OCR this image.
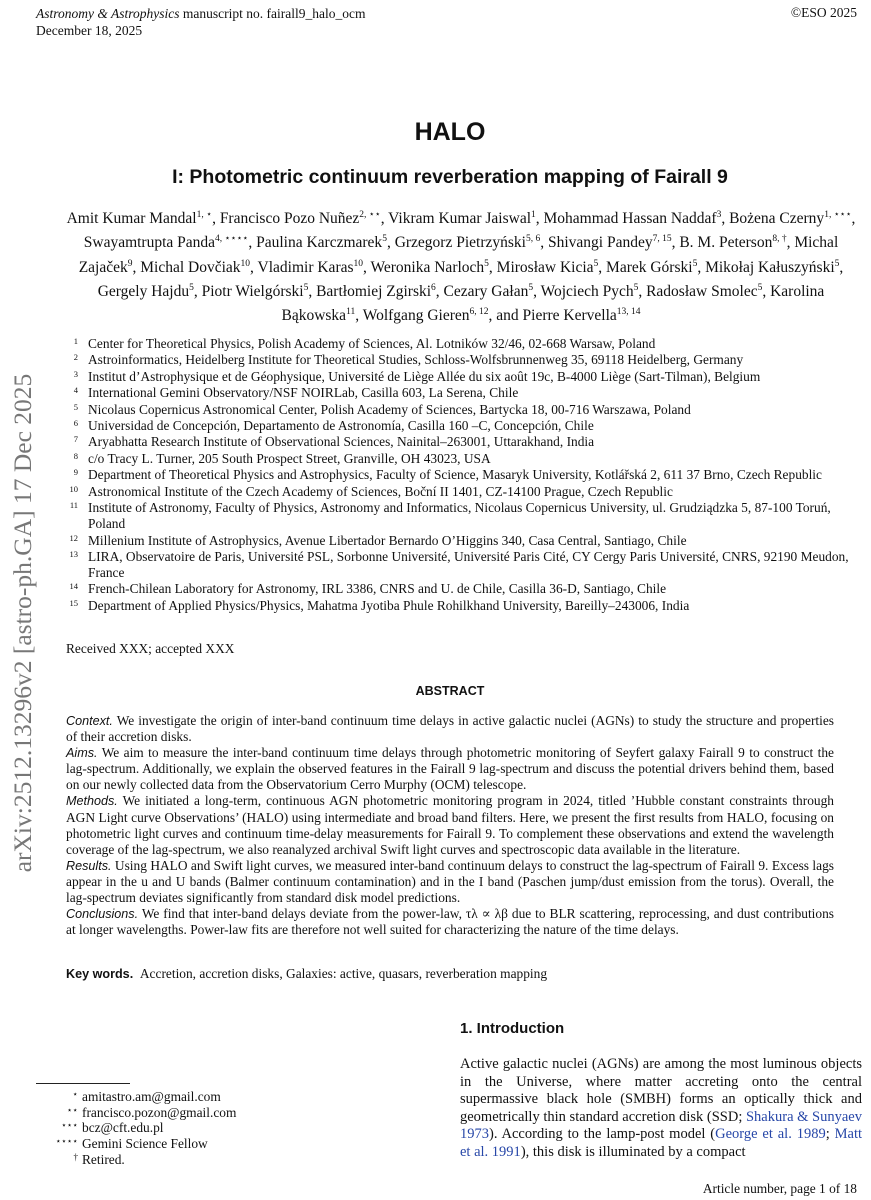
Astronomy & Astrophysics manuscript no. fairall9_halo_ocm
December 18, 2025
©ESO 2025
arXiv:2512.13296v2 [astro-ph.GA] 17 Dec 2025
HALO
I: Photometric continuum reverberation mapping of Fairall 9
Amit Kumar Mandal$^{1, ⋆}$, Francisco Pozo Nuñez$^{2, ⋆⋆}$, Vikram Kumar Jaiswal$^1$, Mohammad Hassan Naddaf$^3$, Bożena Czerny$^{1, ⋆⋆⋆}$, Swayamtrupta Panda$^{4, ⋆⋆⋆⋆}$, Paulina Karczmarek$^5$, Grzegorz Pietrzyński$^{5, 6}$, Shivangi Pandey$^{7, 15}$, B. M. Peterson$^{8, \dagger}$, Michal Zajaček$^9$, Michal Dovčiak$^{10}$, Vladimir Karas$^{10}$, Weronika Narloch$^5$, Mirosław Kicia$^5$, Marek Górski$^5$, Mikołaj Kałuszyński$^5$, Gergely Hajdu$^5$, Piotr Wielgórski$^5$, Bartłomiej Zgirski$^6$, Cezary Gałan$^5$, Wojciech Pych$^5$, Radosław Smolec$^5$, Karolina Bąkowska$^{11}$, Wolfgang Gieren$^{6, 12}$, and Pierre Kervella$^{13, 14}$
1 Center for Theoretical Physics, Polish Academy of Sciences, Al. Lotników 32/46, 02-668 Warsaw, Poland
2 Astroinformatics, Heidelberg Institute for Theoretical Studies, Schloss-Wolfsbrunnenweg 35, 69118 Heidelberg, Germany
3 Institut d’Astrophysique et de Géophysique, Université de Liège Allée du six août 19c, B-4000 Liège (Sart-Tilman), Belgium
4 International Gemini Observatory/NSF NOIRLab, Casilla 603, La Serena, Chile
5 Nicolaus Copernicus Astronomical Center, Polish Academy of Sciences, Bartycka 18, 00-716 Warszawa, Poland
6 Universidad de Concepción, Departamento de Astronomía, Casilla 160 –C, Concepción, Chile
7 Aryabhatta Research Institute of Observational Sciences, Nainital–263001, Uttarakhand, India
8 c/o Tracy L. Turner, 205 South Prospect Street, Granville, OH 43023, USA
9 Department of Theoretical Physics and Astrophysics, Faculty of Science, Masaryk University, Kotlářská 2, 611 37 Brno, Czech Republic
10 Astronomical Institute of the Czech Academy of Sciences, Boční II 1401, CZ-14100 Prague, Czech Republic
11 Institute of Astronomy, Faculty of Physics, Astronomy and Informatics, Nicolaus Copernicus University, ul. Grudziądzka 5, 87-100 Toruń, Poland
12 Millenium Institute of Astrophysics, Avenue Libertador Bernardo O’Higgins 340, Casa Central, Santiago, Chile
13 LIRA, Observatoire de Paris, Université PSL, Sorbonne Université, Université Paris Cité, CY Cergy Paris Université, CNRS, 92190 Meudon, France
14 French-Chilean Laboratory for Astronomy, IRL 3386, CNRS and U. de Chile, Casilla 36-D, Santiago, Chile
15 Department of Applied Physics/Physics, Mahatma Jyotiba Phule Rohilkhand University, Bareilly–243006, India
Received XXX; accepted XXX
ABSTRACT

Context. We investigate the origin of inter-band continuum time delays in active galactic nuclei (AGNs) to study the structure and properties of their accretion disks.

Aims. We aim to measure the inter-band continuum time delays through photometric monitoring of Seyfert galaxy Fairall 9 to construct the lag-spectrum. Additionally, we explain the observed features in the Fairall 9 lag-spectrum and discuss the potential drivers behind them, based on our newly collected data from the Observatorium Cerro Murphy (OCM) telescope.

Methods. We initiated a long-term, continuous AGN photometric monitoring program in 2024, titled ’Hubble constant constraints through AGN Light curve Observations’ (HALO) using intermediate and broad band filters. Here, we present the first results from HALO, focusing on photometric light curves and continuum time-delay measurements for Fairall 9. To complement these observations and extend the wavelength coverage of the lag-spectrum, we also reanalyzed archival Swift light curves and spectroscopic data available in the literature.

Results. Using HALO and Swift light curves, we measured inter-band continuum delays to construct the lag-spectrum of Fairall 9. Excess lags appear in the u and U bands (Balmer continuum contamination) and in the I band (Paschen jump/dust emission from the torus). Overall, the lag-spectrum deviates significantly from standard disk model predictions.

Conclusions. We find that inter-band delays deviate from the power-law, τλ ∝ λβ due to BLR scattering, reprocessing, and dust contributions at longer wavelengths. Power-law fits are therefore not well suited for characterizing the nature of the time delays.

Key words. Accretion, accretion disks, Galaxies: active, quasars, reverberation mapping
1. Introduction
Active galactic nuclei (AGNs) are among the most luminous objects in the Universe, where matter accreting onto the central supermassive black hole (SMBH) forms an optically thick and geometrically thin standard accretion disk (SSD; Shakura & Sunyaev 1973). According to the lamp-post model (George et al. 1989; Matt et al. 1991), this disk is illuminated by a compact
⋆ amitastro.am@gmail.com
⋆⋆ francisco.pozon@gmail.com
⋆⋆⋆ bcz@cft.edu.pl
⋆⋆⋆⋆ Gemini Science Fellow
† Retired.
Article number, page 1 of 18
